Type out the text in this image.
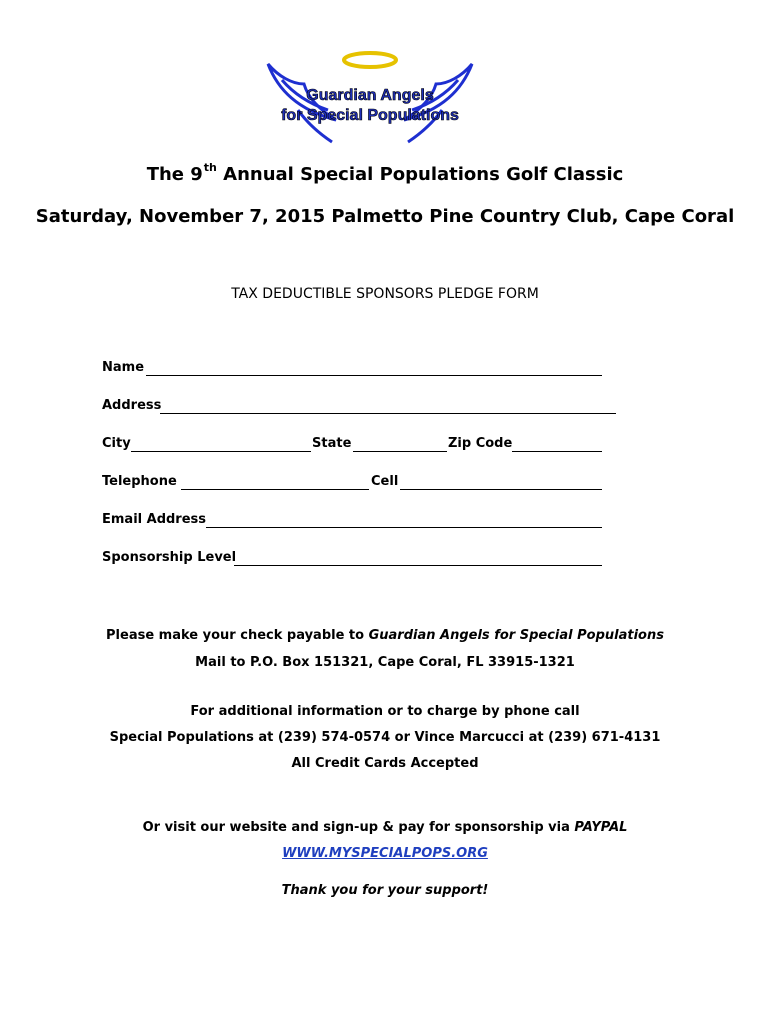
Guardian Angels
for Special Populations
The 9th Annual Special Populations Golf Classic
Saturday, November 7, 2015 Palmetto Pine Country Club, Cape Coral
TAX DEDUCTIBLE SPONSORS PLEDGE FORM
Name
Address
City	State	Zip Code
Telephone	Cell
Email Address
Sponsorship Level
Please make your check payable to Guardian Angels for Special Populations
Mail to P.O. Box 151321, Cape Coral, FL 33915-1321
For additional information or to charge by phone call
Special Populations at (239) 574-0574 or Vince Marcucci at (239) 671-4131
All Credit Cards Accepted
Or visit our website and sign-up & pay for sponsorship via PAYPAL
WWW.MYSPECIALPOPS.ORG
Thank you for your support!
